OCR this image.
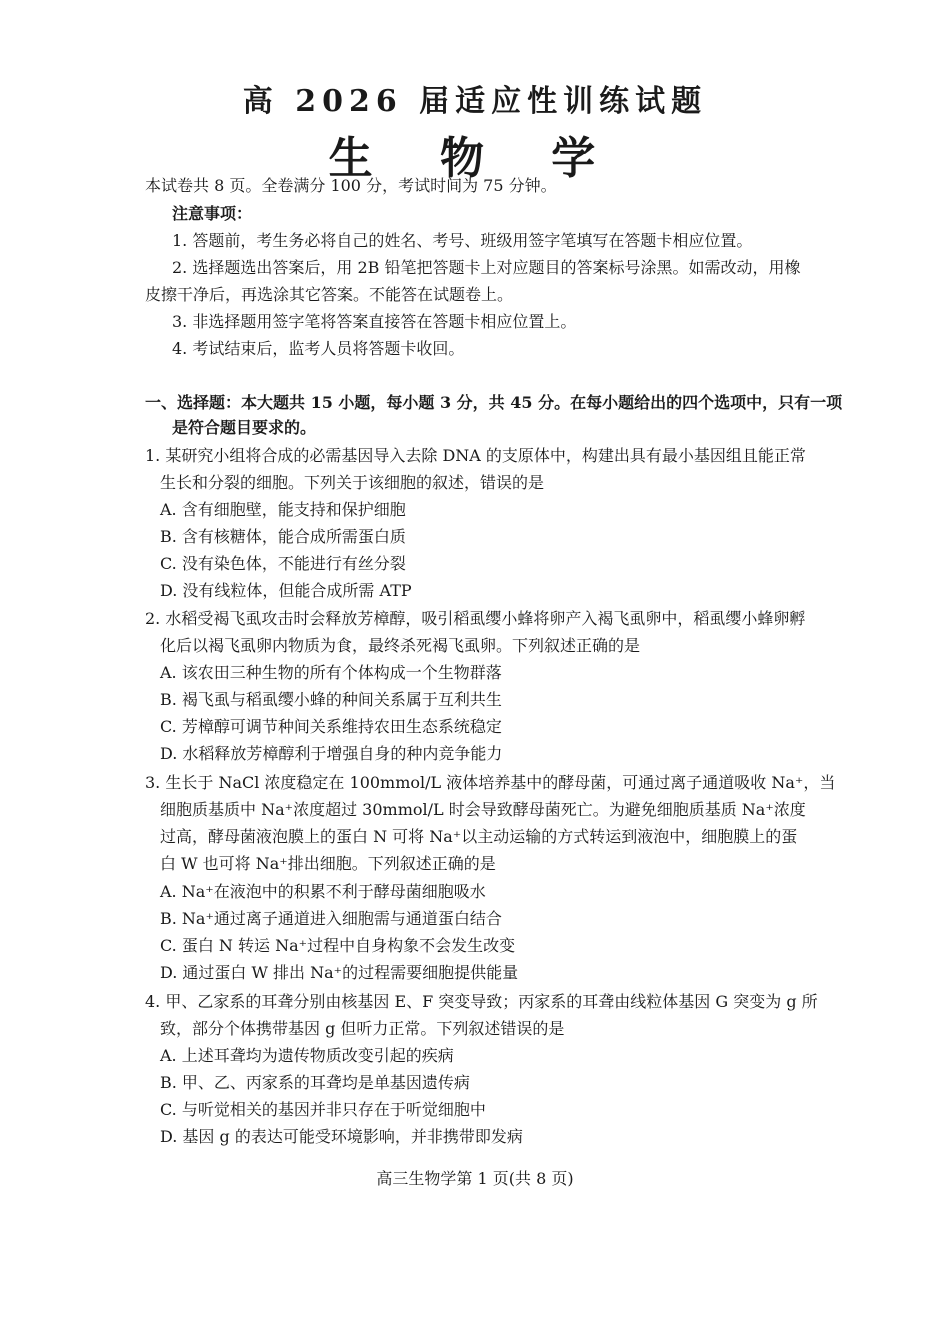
高 2026 届适应性训练试题
生 物 学
本试卷共 8 页。全卷满分 100 分，考试时间为 75 分钟。
注意事项：
1. 答题前，考生务必将自己的姓名、考号、班级用签字笔填写在答题卡相应位置。
2. 选择题选出答案后，用 2B 铅笔把答题卡上对应题目的答案标号涂黑。如需改动，用橡
皮擦干净后，再选涂其它答案。不能答在试题卷上。
3. 非选择题用签字笔将答案直接答在答题卡相应位置上。
4. 考试结束后，监考人员将答题卡收回。
一、选择题：本大题共 15 小题，每小题 3 分，共 45 分。在每小题给出的四个选项中，只有一项
是符合题目要求的。
1. 某研究小组将合成的必需基因导入去除 DNA 的支原体中，构建出具有最小基因组且能正常
生长和分裂的细胞。下列关于该细胞的叙述，错误的是
A. 含有细胞壁，能支持和保护细胞
B. 含有核糖体，能合成所需蛋白质
C. 没有染色体，不能进行有丝分裂
D. 没有线粒体，但能合成所需 ATP
2. 水稻受褐飞虱攻击时会释放芳樟醇，吸引稻虱缨小蜂将卵产入褐飞虱卵中，稻虱缨小蜂卵孵
化后以褐飞虱卵内物质为食，最终杀死褐飞虱卵。下列叙述正确的是
A. 该农田三种生物的所有个体构成一个生物群落
B. 褐飞虱与稻虱缨小蜂的种间关系属于互利共生
C. 芳樟醇可调节种间关系维持农田生态系统稳定
D. 水稻释放芳樟醇利于增强自身的种内竞争能力
3. 生长于 NaCl 浓度稳定在 100mmol/L 液体培养基中的酵母菌，可通过离子通道吸收 Na⁺，当
细胞质基质中 Na⁺浓度超过 30mmol/L 时会导致酵母菌死亡。为避免细胞质基质 Na⁺浓度
过高，酵母菌液泡膜上的蛋白 N 可将 Na⁺以主动运输的方式转运到液泡中，细胞膜上的蛋
白 W 也可将 Na⁺排出细胞。下列叙述正确的是
A. Na⁺在液泡中的积累不利于酵母菌细胞吸水
B. Na⁺通过离子通道进入细胞需与通道蛋白结合
C. 蛋白 N 转运 Na⁺过程中自身构象不会发生改变
D. 通过蛋白 W 排出 Na⁺的过程需要细胞提供能量
4. 甲、乙家系的耳聋分别由核基因 E、F 突变导致；丙家系的耳聋由线粒体基因 G 突变为 g 所
致，部分个体携带基因 g 但听力正常。下列叙述错误的是
A. 上述耳聋均为遗传物质改变引起的疾病
B. 甲、乙、丙家系的耳聋均是单基因遗传病
C. 与听觉相关的基因并非只存在于听觉细胞中
D. 基因 g 的表达可能受环境影响，并非携带即发病
高三生物学第 1 页(共 8 页)
